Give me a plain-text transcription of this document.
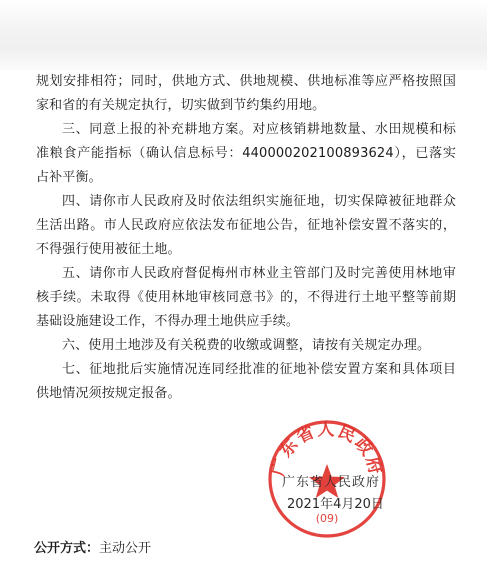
规划安排相符；同时，供地方式、供地规模、供地标准等应严格按照国家和省的有关规定执行，切实做到节约集约用地。

三、同意上报的补充耕地方案。对应核销耕地数量、水田规模和标准粮食产能指标（确认信息标号：440000202100893624），已落实占补平衡。

四、请你市人民政府及时依法组织实施征地，切实保障被征地群众生活出路。市人民政府应依法发布征地公告，征地补偿安置不落实的，不得强行使用被征土地。

五、请你市人民政府督促梅州市林业主管部门及时完善使用林地审核手续。未取得《使用林地审核同意书》的，不得进行土地平整等前期基础设施建设工作，不得办理土地供应手续。

六、使用土地涉及有关税费的收缴或调整，请按有关规定办理。

七、征地批后实施情况连同经批准的征地补偿安置方案和具体项目供地情况须按规定报备。

广东省人民政府
(09)
广东省人民政府
2021年4月20日
公开方式：主动公开
